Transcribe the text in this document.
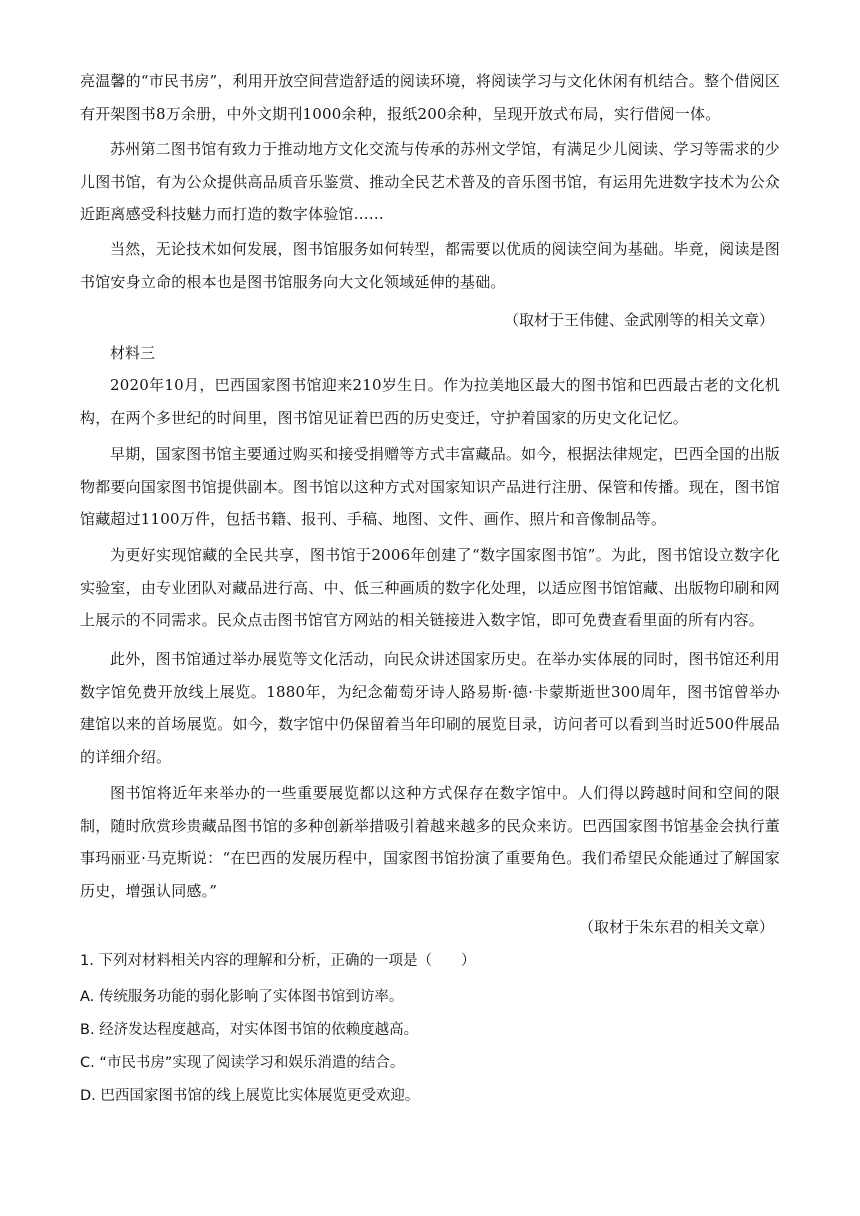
亮温馨的“市民书房”，利用开放空间营造舒适的阅读环境，将阅读学习与文化休闲有机结合。整个借阅区有开架图书8万余册，中外文期刊1000余种，报纸200余种，呈现开放式布局，实行借阅一体。
苏州第二图书馆有致力于推动地方文化交流与传承的苏州文学馆，有满足少儿阅读、学习等需求的少儿图书馆，有为公众提供高品质音乐鉴赏、推动全民艺术普及的音乐图书馆，有运用先进数字技术为公众近距离感受科技魅力而打造的数字体验馆……
当然，无论技术如何发展，图书馆服务如何转型，都需要以优质的阅读空间为基础。毕竟，阅读是图书馆安身立命的根本也是图书馆服务向大文化领域延伸的基础。
（取材于王伟健、金武刚等的相关文章）
材料三
2020年10月，巴西国家图书馆迎来210岁生日。作为拉美地区最大的图书馆和巴西最古老的文化机构，在两个多世纪的时间里，图书馆见证着巴西的历史变迁，守护着国家的历史文化记忆。
早期，国家图书馆主要通过购买和接受捐赠等方式丰富藏品。如今，根据法律规定，巴西全国的出版物都要向国家图书馆提供副本。图书馆以这种方式对国家知识产品进行注册、保管和传播。现在，图书馆馆藏超过1100万件，包括书籍、报刊、手稿、地图、文件、画作、照片和音像制品等。
为更好实现馆藏的全民共享，图书馆于2006年创建了“数字国家图书馆”。为此，图书馆设立数字化实验室，由专业团队对藏品进行高、中、低三种画质的数字化处理，以适应图书馆馆藏、出版物印刷和网上展示的不同需求。民众点击图书馆官方网站的相关链接进入数字馆，即可免费查看里面的所有内容。
此外，图书馆通过举办展览等文化活动，向民众讲述国家历史。在举办实体展的同时，图书馆还利用数字馆免费开放线上展览。1880年，为纪念葡萄牙诗人路易斯·德·卡蒙斯逝世300周年，图书馆曾举办建馆以来的首场展览。如今，数字馆中仍保留着当年印刷的展览目录，访问者可以看到当时近500件展品的详细介绍。
图书馆将近年来举办的一些重要展览都以这种方式保存在数字馆中。人们得以跨越时间和空间的限制，随时欣赏珍贵藏品图书馆的多种创新举措吸引着越来越多的民众来访。巴西国家图书馆基金会执行董事玛丽亚·马克斯说：“在巴西的发展历程中，国家图书馆扮演了重要角色。我们希望民众能通过了解国家历史，增强认同感。”
（取材于朱东君的相关文章）
1. 下列对材料相关内容的理解和分析，正确的一项是（　　）
A. 传统服务功能的弱化影响了实体图书馆到访率。
B. 经济发达程度越高，对实体图书馆的依赖度越高。
C. “市民书房”实现了阅读学习和娱乐消遣的结合。
D. 巴西国家图书馆的线上展览比实体展览更受欢迎。
